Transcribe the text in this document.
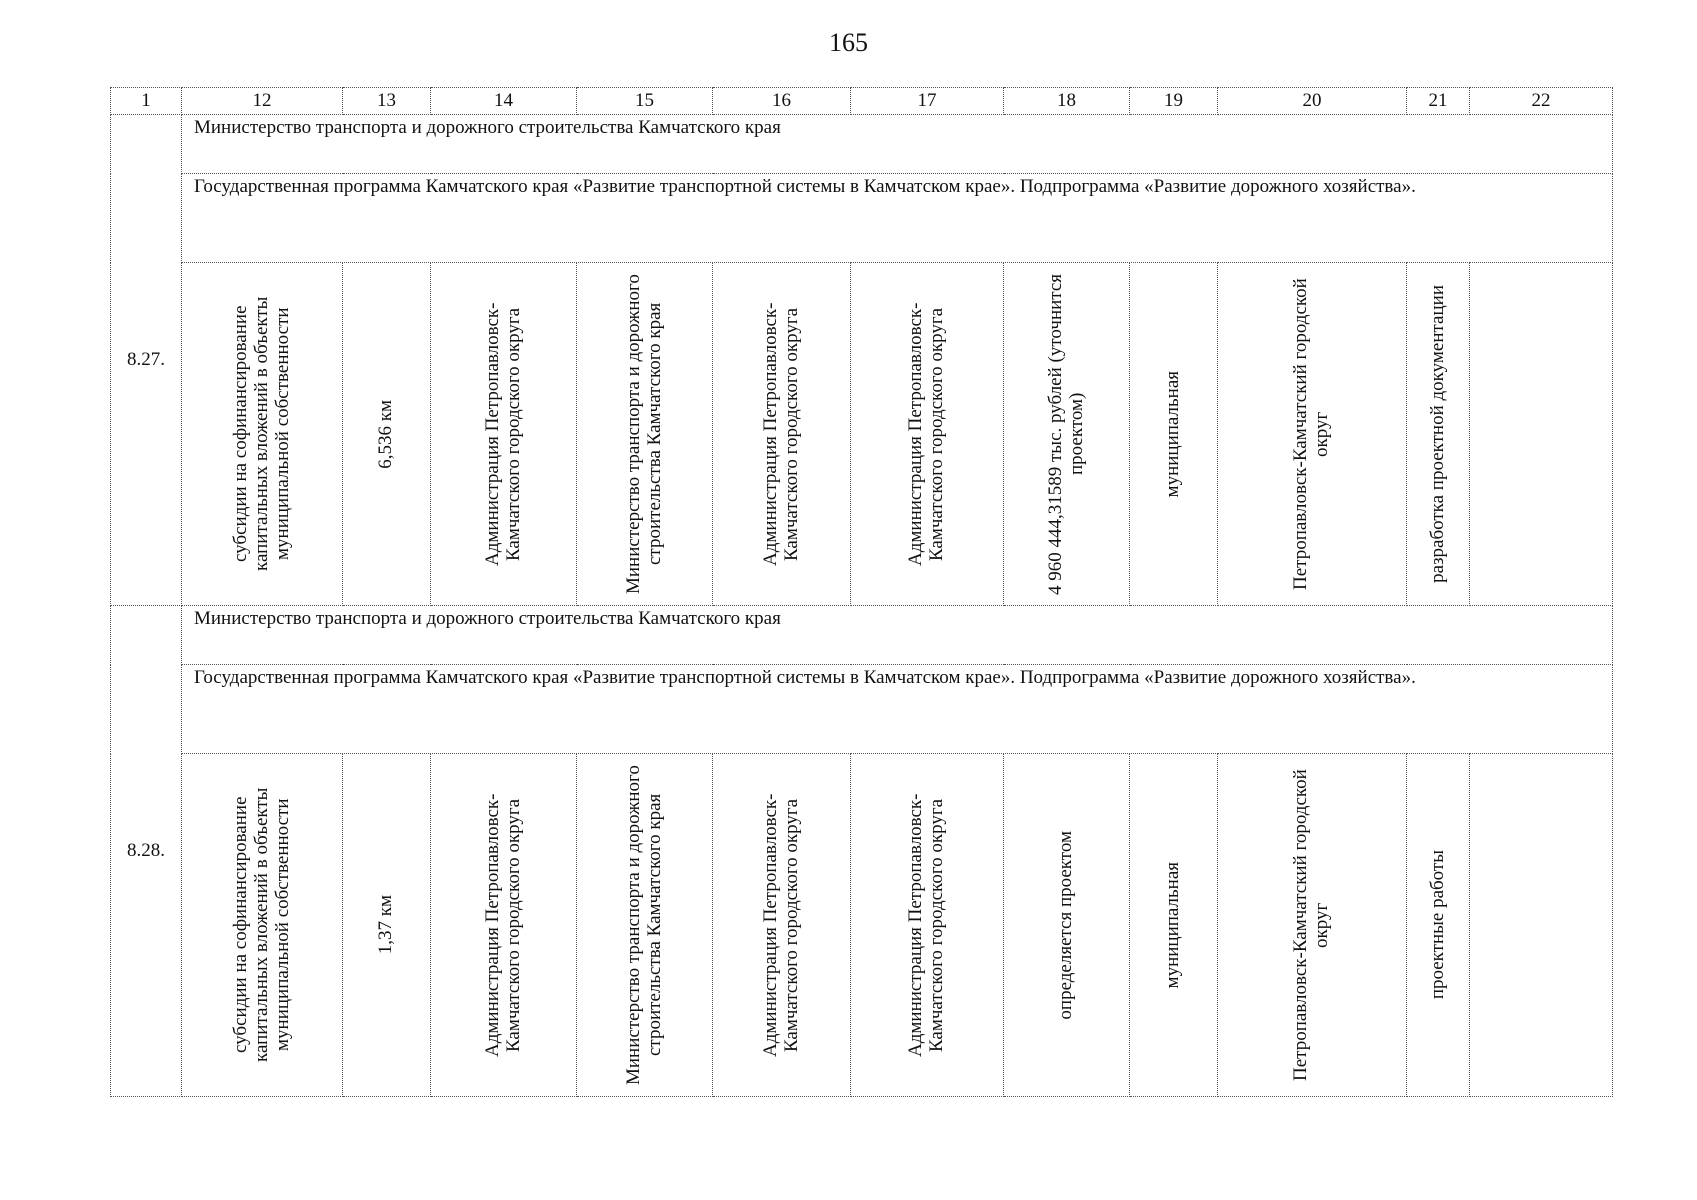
165
1	12	13	14	15	16	17	18	19	20	21	22
8.27.	Министерство транспорта и дорожного строительства Камчатского края										
	Государственная программа Камчатского края «Развитие транспортной системы в Камчатском крае». Подпрограмма «Развитие дорожного хозяйства».										

	субсидии на софинансирование капитальных вложений в объекты муниципальной собственности	6,536 км	Администрация Петропавловск-Камчатского городского округа	Министерство транспорта и дорожного строительства Камчатского края	Администрация Петропавловск-Камчатского городского округа	Администрация Петропавловск-Камчатского городского округа	4 960 444,31589 тыс. рублей (уточнится проектом)	муниципальная	Петропавловск-Камчатский городской округ	разработка проектной документации	

8.28.	Министерство транспорта и дорожного строительства Камчатского края										
	Государственная программа Камчатского края «Развитие транспортной системы в Камчатском крае». Подпрограмма «Развитие дорожного хозяйства».										

	субсидии на софинансирование капитальных вложений в объекты муниципальной собственности	1,37 км	Администрация Петропавловск-Камчатского городского округа	Министерство транспорта и дорожного строительства Камчатского края	Администрация Петропавловск-Камчатского городского округа	Администрация Петропавловск-Камчатского городского округа	определяется проектом	муниципальная	Петропавловск-Камчатский городской округ	проектные работы	
